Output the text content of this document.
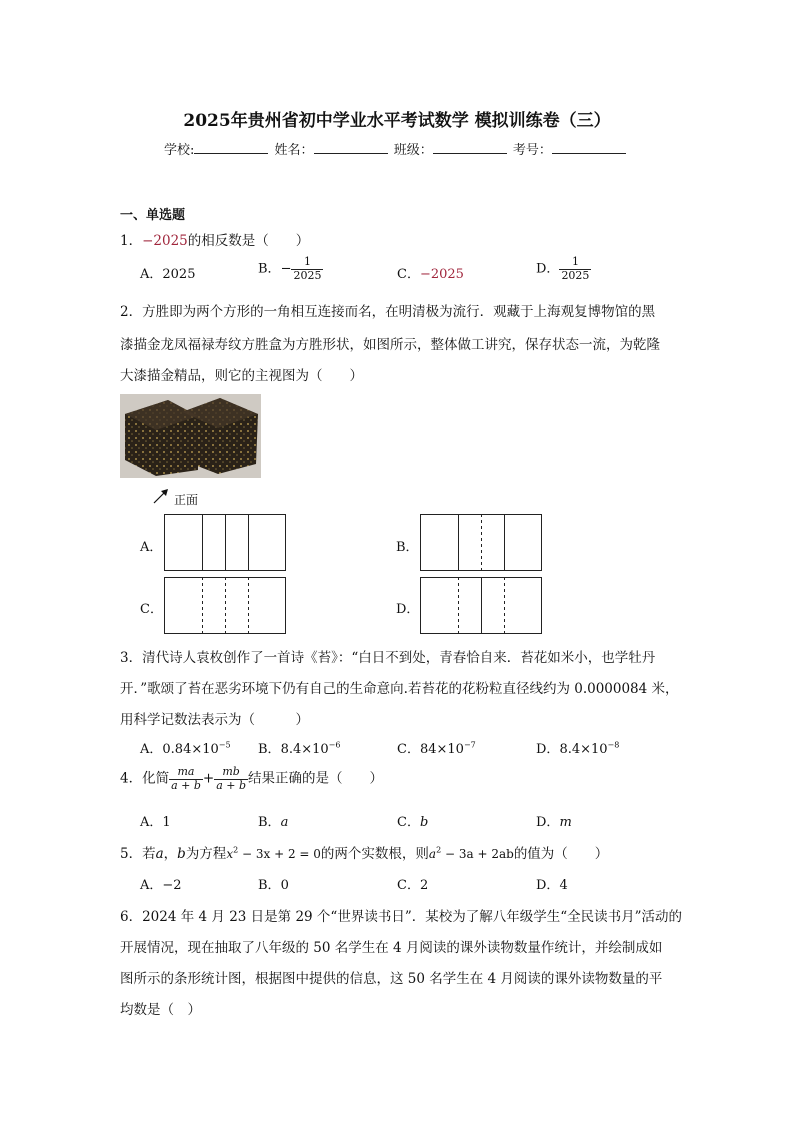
2025年贵州省初中学业水平考试数学 模拟训练卷（三）
学校:	姓名：	班级：	考号：
一、单选题
1．−2025的相反数是（　　）
A．2025	B．− $\frac{1}{2025}$	C．−2025	D． $\frac{1}{2025}$
2．方胜即为两个方形的一角相互连接而名，在明清极为流行．观藏于上海观复博物馆的黑
漆描金龙凤福禄寿纹方胜盒为方胜形状，如图所示，整体做工讲究，保存状态一流，为乾隆
大漆描金精品，则它的主视图为（　　）
正面
A．	B．
C．	D．
3．清代诗人袁枚创作了一首诗《苔》：“白日不到处，青春恰自来．苔花如米小，也学牡丹
开．”歌颂了苔在恶劣环境下仍有自己的生命意向.若苔花的花粉粒直径线约为 0.0000084 米，
用科学记数法表示为（　　　）
A．$0.84\times 10^{-5}$ B．$8.4\times 10^{-6}$	C．$84\times 10^{-7}$	D．$8.4\times 10^{-8}$
4．化简 $\frac{ma}{a + b} + \frac{mb}{a + b}$ 结果正确的是（　　）
A．1	B．a	C．b	D．m
5．若a，b为方程$x^2 - 3x + 2 = 0$的两个实数根，则$a^2 - 3a + 2ab$的值为（　　）
A．−2	B．0	C．2	D．4
6．2024 年 4 月 23 日是第 29 个“世界读书日”．某校为了解八年级学生“全民读书月”活动的
开展情况，现在抽取了八年级的 50 名学生在 4 月阅读的课外读物数量作统计，并绘制成如
图所示的条形统计图，根据图中提供的信息，这 50 名学生在 4 月阅读的课外读物数量的平
均数是（　）
